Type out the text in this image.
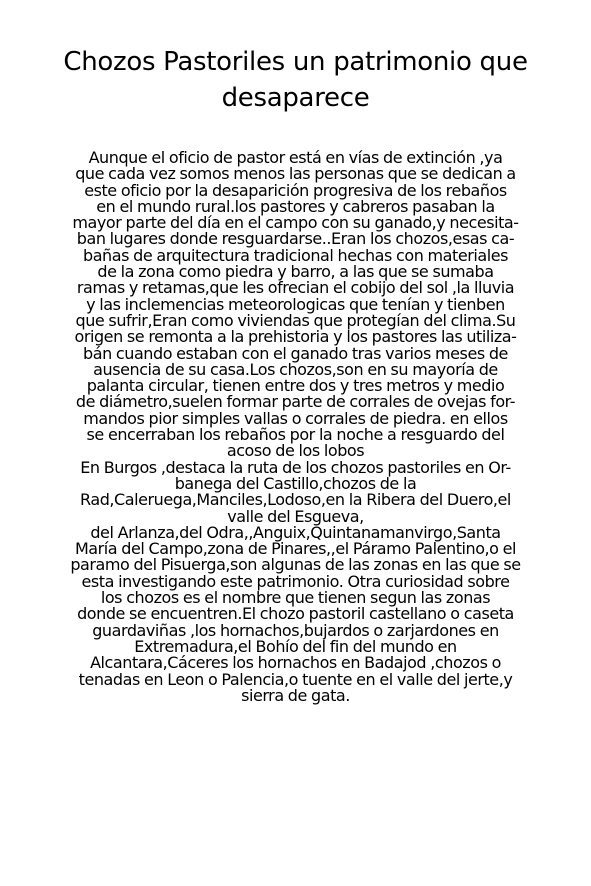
Chozos Pastoriles un patrimonio que
desaparece
Aunque el oficio de pastor está en vías de extinción ,ya
que cada vez somos menos las personas que se dedican a
este oficio por la desaparición progresiva de los rebaños
en el mundo rural.los pastores y cabreros pasaban la
mayor parte del día en el campo con su ganado,y necesita-
ban lugares donde resguardarse..Eran los chozos,esas ca-
bañas de arquitectura tradicional hechas con materiales
de la zona como piedra y barro, a las que se sumaba
ramas y retamas,que les ofrecian el cobijo del sol ,la lluvia
y las inclemencias meteorologicas que tenían y tienben
que sufrir,Eran como viviendas que protegían del clima.Su
origen se remonta a la prehistoria y los pastores las utiliza-
bán cuando estaban con el ganado tras varios meses de
ausencia de su casa.Los chozos,son en su mayoría de
palanta circular, tienen entre dos y tres metros y medio
de diámetro,suelen formar parte de corrales de ovejas for-
mandos pior simples vallas o corrales de piedra. en ellos
se encerraban los rebaños por la noche a resguardo del
acoso de los lobos
En Burgos ,destaca la ruta de los chozos pastoriles en Or-
banega del Castillo,chozos de la
Rad,Caleruega,Manciles,Lodoso,en la Ribera del Duero,el
valle del Esgueva,
del Arlanza,del Odra,,Anguix,Quintanamanvirgo,Santa
María del Campo,zona de Pinares,,el Páramo Palentino,o el
paramo del Pisuerga,son algunas de las zonas en las que se
esta investigando este patrimonio. Otra curiosidad sobre
los chozos es el nombre que tienen segun las zonas
donde se encuentren.El chozo pastoril castellano o caseta
guardaviñas ,los hornachos,bujardos o zarjardones en
Extremadura,el Bohío del fin del mundo en
Alcantara,Cáceres los hornachos en Badajod ,chozos o
tenadas en Leon o Palencia,o tuente en el valle del jerte,y
sierra de gata.
